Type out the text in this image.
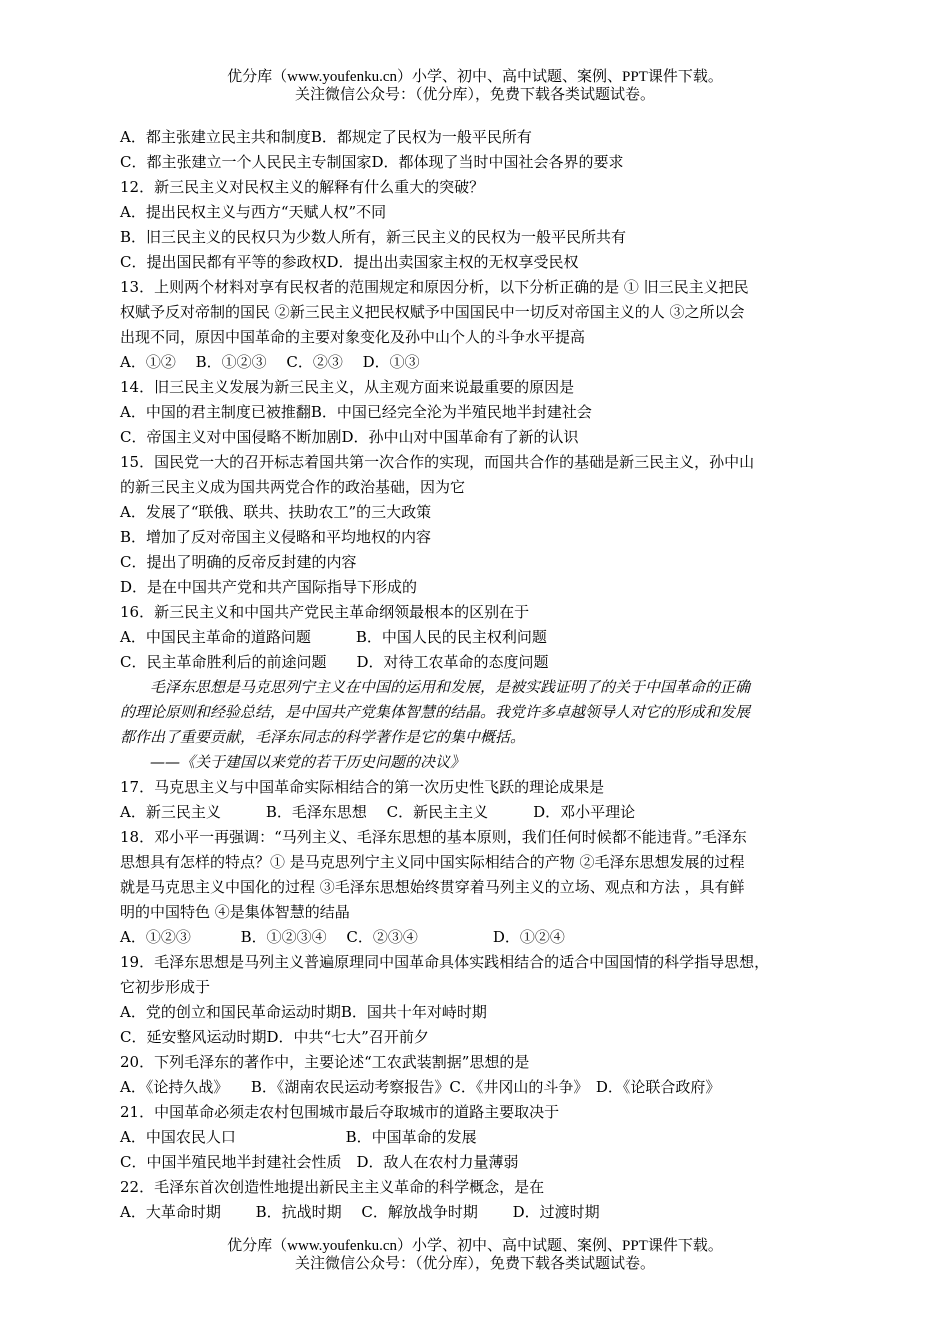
优分库（www.youfenku.cn）小学、初中、高中试题、案例、PPT课件下载。
关注微信公众号：（优分库），免费下载各类试题试卷。
A．都主张建立民主共和制度B．都规定了民权为一般平民所有
C．都主张建立一个人民民主专制国家D．都体现了当时中国社会各界的要求
12．新三民主义对民权主义的解释有什么重大的突破？
A．提出民权主义与西方“天赋人权”不同
B．旧三民主义的民权只为少数人所有，新三民主义的民权为一般平民所共有
C．提出国民都有平等的参政权D．提出出卖国家主权的无权享受民权
13．上则两个材料对享有民权者的范围规定和原因分析，以下分析正确的是 ① 旧三民主义把民
权赋予反对帝制的国民 ②新三民主义把民权赋予中国国民中一切反对帝国主义的人 ③之所以会
出现不同，原因中国革命的主要对象变化及孙中山个人的斗争水平提高
A．①②　 B．①②③　 C．②③　 D．①③
14．旧三民主义发展为新三民主义，从主观方面来说最重要的原因是
A．中国的君主制度已被推翻B．中国已经完全沦为半殖民地半封建社会
C．帝国主义对中国侵略不断加剧D．孙中山对中国革命有了新的认识
15．国民党一大的召开标志着国共第一次合作的实现，而国共合作的基础是新三民主义，孙中山
的新三民主义成为国共两党合作的政治基础，因为它
A．发展了“联俄、联共、扶助农工”的三大政策
B．增加了反对帝国主义侵略和平均地权的内容
C．提出了明确的反帝反封建的内容
D．是在中国共产党和共产国际指导下形成的
16．新三民主义和中国共产党民主革命纲领最根本的区别在于
A．中国民主革命的道路问题　　　B．中国人民的民主权利问题
C．民主革命胜利后的前途问题　　D．对待工农革命的态度问题
毛泽东思想是马克思列宁主义在中国的运用和发展，是被实践证明了的关于中国革命的正确
的理论原则和经验总结，是中国共产党集体智慧的结晶。我党许多卓越领导人对它的形成和发展
都作出了重要贡献，毛泽东同志的科学著作是它的集中概括。
——《关于建国以来党的若干历史问题的决议》
17．马克思主义与中国革命实际相结合的第一次历史性飞跃的理论成果是
A．新三民主义　　　B．毛泽东思想　 C．新民主主义　　　D．邓小平理论
18．邓小平一再强调：“马列主义、毛泽东思想的基本原则，我们任何时候都不能违背。”毛泽东
思想具有怎样的特点？① 是马克思列宁主义同中国实际相结合的产物 ②毛泽东思想发展的过程
就是马克思主义中国化的过程 ③毛泽东思想始终贯穿着马列主义的立场、观点和方法 ，具有鲜
明的中国特色 ④是集体智慧的结晶
A．①②③　　　 B．①②③④　 C．②③④　　　　　D．①②④
19．毛泽东思想是马列主义普遍原理同中国革命具体实践相结合的适合中国国情的科学指导思想，
它初步形成于
A．党的创立和国民革命运动时期B．国共十年对峙时期
C．延安整风运动时期D．中共“七大”召开前夕
20．下列毛泽东的著作中，主要论述“工农武装割据”思想的是
A．《论持久战》　　B．《湖南农民运动考察报告》C．《井冈山的斗争》　D．《论联合政府》
21．中国革命必须走农村包围城市最后夺取城市的道路主要取决于
A．中国农民人口　　　　　　　 B．中国革命的发展
C．中国半殖民地半封建社会性质　D．敌人在农村力量薄弱
22．毛泽东首次创造性地提出新民主主义革命的科学概念，是在
A．大革命时期　　 B．抗战时期　 C．解放战争时期　　 D．过渡时期
优分库（www.youfenku.cn）小学、初中、高中试题、案例、PPT课件下载。
关注微信公众号：（优分库），免费下载各类试题试卷。
